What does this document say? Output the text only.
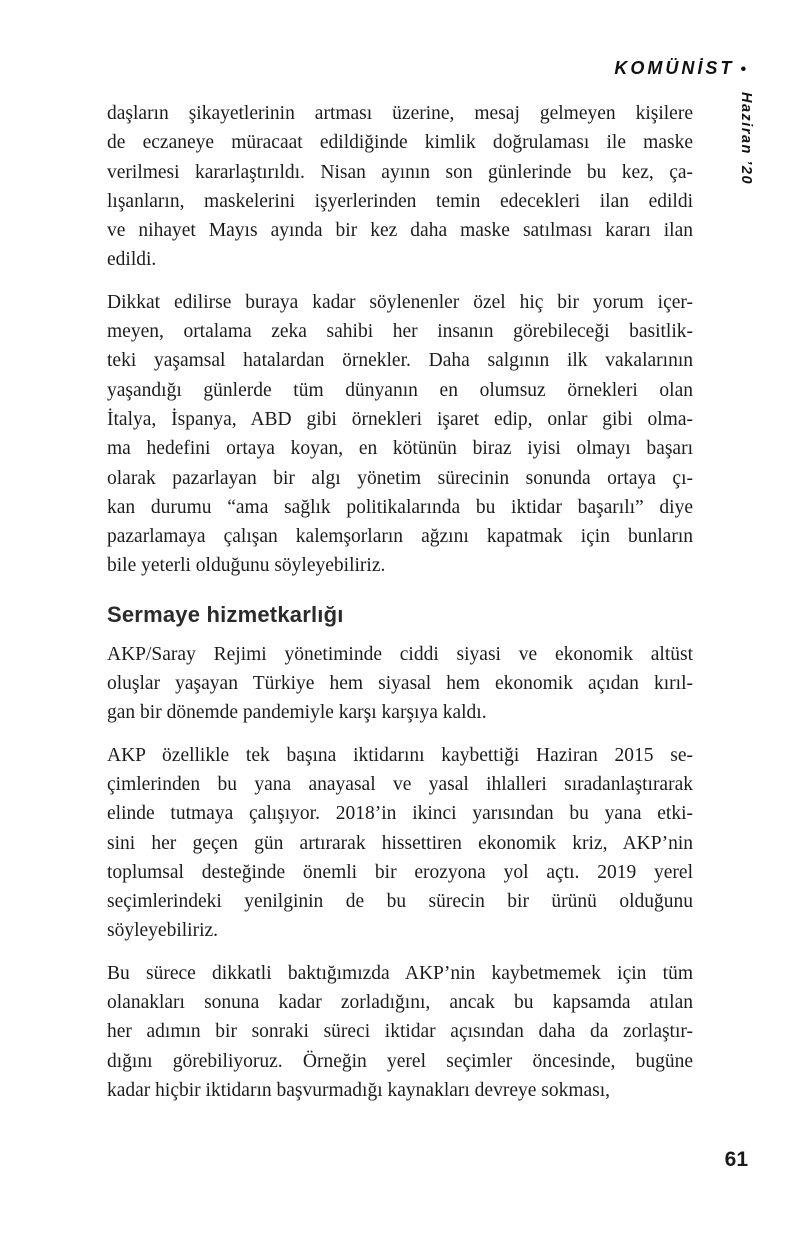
KOMÜNİST •
Haziran ’20
daşların şikayetlerinin artması üzerine, mesaj gelmeyen kişilere
de eczaneye müracaat edildiğinde kimlik doğrulaması ile maske
verilmesi kararlaştırıldı. Nisan ayının son günlerinde bu kez, ça-
lışanların, maskelerini işyerlerinden temin edecekleri ilan edildi
ve nihayet Mayıs ayında bir kez daha maske satılması kararı ilan
edildi.
Dikkat edilirse buraya kadar söylenenler özel hiç bir yorum içer-
meyen, ortalama zeka sahibi her insanın görebileceği basitlik-
teki yaşamsal hatalardan örnekler. Daha salgının ilk vakalarının
yaşandığı günlerde tüm dünyanın en olumsuz örnekleri olan
İtalya, İspanya, ABD gibi örnekleri işaret edip, onlar gibi olma-
ma hedefini ortaya koyan, en kötünün biraz iyisi olmayı başarı
olarak pazarlayan bir algı yönetim sürecinin sonunda ortaya çı-
kan durumu “ama sağlık politikalarında bu iktidar başarılı” diye
pazarlamaya çalışan kalemşorların ağzını kapatmak için bunların
bile yeterli olduğunu söyleyebiliriz.
Sermaye hizmetkarlığı
AKP/Saray Rejimi yönetiminde ciddi siyasi ve ekonomik altüst
oluşlar yaşayan Türkiye hem siyasal hem ekonomik açıdan kırıl-
gan bir dönemde pandemiyle karşı karşıya kaldı.
AKP özellikle tek başına iktidarını kaybettiği Haziran 2015 se-
çimlerinden bu yana anayasal ve yasal ihlalleri sıradanlaştırarak
elinde tutmaya çalışıyor. 2018’in ikinci yarısından bu yana etki-
sini her geçen gün artırarak hissettiren ekonomik kriz, AKP’nin
toplumsal desteğinde önemli bir erozyona yol açtı. 2019 yerel
seçimlerindeki yenilginin de bu sürecin bir ürünü olduğunu
söyleyebiliriz.
Bu sürece dikkatli baktığımızda AKP’nin kaybetmemek için tüm
olanakları sonuna kadar zorladığını, ancak bu kapsamda atılan
her adımın bir sonraki süreci iktidar açısından daha da zorlaştır-
dığını görebiliyoruz. Örneğin yerel seçimler öncesinde, bugüne
kadar hiçbir iktidarın başvurmadığı kaynakları devreye sokması,
61
